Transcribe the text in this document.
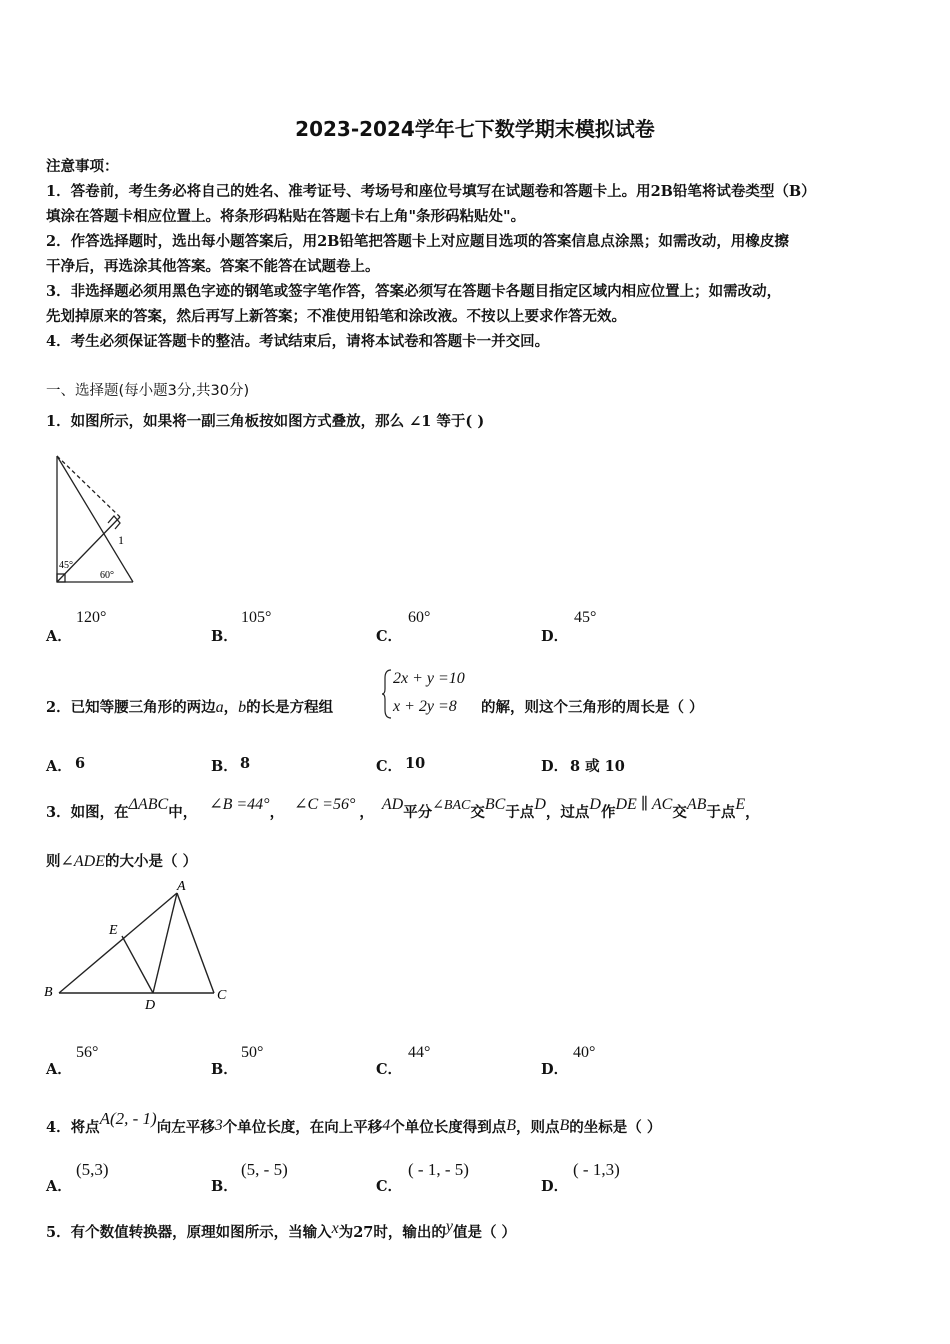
2023-2024学年七下数学期末模拟试卷
注意事项：
1．答卷前，考生务必将自己的姓名、准考证号、考场号和座位号填写在试题卷和答题卡上。用2B铅笔将试卷类型（B）
填涂在答题卡相应位置上。将条形码粘贴在答题卡右上角"条形码粘贴处"。
2．作答选择题时，选出每小题答案后，用2B铅笔把答题卡上对应题目选项的答案信息点涂黑；如需改动，用橡皮擦
干净后，再选涂其他答案。答案不能答在试题卷上。
3．非选择题必须用黑色字迹的钢笔或签字笔作答，答案必须写在答题卡各题目指定区域内相应位置上；如需改动，
先划掉原来的答案，然后再写上新答案；不准使用铅笔和涂改液。不按以上要求作答无效。
4．考生必须保证答题卡的整洁。考试结束后，请将本试卷和答题卡一并交回。
一、选择题(每小题3分,共30分)
1．如图所示，如果将一副三角板按如图方式叠放，那么 ∠1 等于( )
45°
60°
1
A．
120°
B．
105°
C．
60°
D．
45°
2．已知等腰三角形的两边a，b的长是方程组
2x + y =10
x + 2y =8 的解，则这个三角形的周长是（ ）
A． 6	B． 8	C． 10	D． 8 或 10
3．如图，在ΔABC中， ∠B =44°， ∠C =56° ， AD平分∠BAC交BC于点D，过点D作DE ∥ AC交AB于点E，
则∠ADE的大小是（ ）
A
B	C
D
E
A．
56°
B．
50°
C．
44°
D．
40°
4．将点A(2, - 1)向左平移3个单位长度，在向上平移4个单位长度得到点B，则点B的坐标是（ ）
A．
(5,3)
B．
(5, - 5)
C．
( - 1, - 5)
D．
( - 1,3)
5．有个数值转换器，原理如图所示，当输入x为27时，输出的y值是（ ）
